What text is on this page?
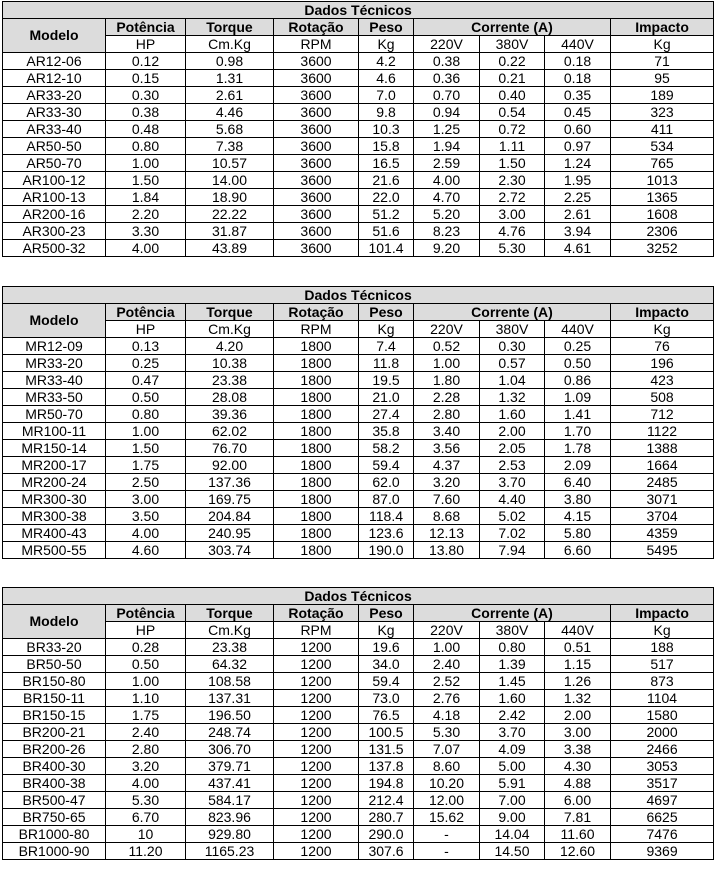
Dados Técnicos								
Modelo	Potência	Torque	Rotação	Peso	Corrente (A)			Impacto
	HP	Cm.Kg	RPM	Kg	220V	380V	440V	Kg
AR12-06	0.12	0.98	3600	4.2	0.38	0.22	0.18	71
AR12-10	0.15	1.31	3600	4.6	0.36	0.21	0.18	95
AR33-20	0.30	2.61	3600	7.0	0.70	0.40	0.35	189
AR33-30	0.38	4.46	3600	9.8	0.94	0.54	0.45	323
AR33-40	0.48	5.68	3600	10.3	1.25	0.72	0.60	411
AR50-50	0.80	7.38	3600	15.8	1.94	1.11	0.97	534
AR50-70	1.00	10.57	3600	16.5	2.59	1.50	1.24	765
AR100-12	1.50	14.00	3600	21.6	4.00	2.30	1.95	1013
AR100-13	1.84	18.90	3600	22.0	4.70	2.72	2.25	1365
AR200-16	2.20	22.22	3600	51.2	5.20	3.00	2.61	1608
AR300-23	3.30	31.87	3600	51.6	8.23	4.76	3.94	2306
AR500-32	4.00	43.89	3600	101.4	9.20	5.30	4.61	3252
Dados Técnicos								
Modelo	Potência	Torque	Rotação	Peso	Corrente (A)			Impacto
	HP	Cm.Kg	RPM	Kg	220V	380V	440V	Kg
MR12-09	0.13	4.20	1800	7.4	0.52	0.30	0.25	76
MR33-20	0.25	10.38	1800	11.8	1.00	0.57	0.50	196
MR33-40	0.47	23.38	1800	19.5	1.80	1.04	0.86	423
MR33-50	0.50	28.08	1800	21.0	2.28	1.32	1.09	508
MR50-70	0.80	39.36	1800	27.4	2.80	1.60	1.41	712
MR100-11	1.00	62.02	1800	35.8	3.40	2.00	1.70	1122
MR150-14	1.50	76.70	1800	58.2	3.56	2.05	1.78	1388
MR200-17	1.75	92.00	1800	59.4	4.37	2.53	2.09	1664
MR200-24	2.50	137.36	1800	62.0	3.20	3.70	6.40	2485
MR300-30	3.00	169.75	1800	87.0	7.60	4.40	3.80	3071
MR300-38	3.50	204.84	1800	118.4	8.68	5.02	4.15	3704
MR400-43	4.00	240.95	1800	123.6	12.13	7.02	5.80	4359
MR500-55	4.60	303.74	1800	190.0	13.80	7.94	6.60	5495
Dados Técnicos								
Modelo	Potência	Torque	Rotação	Peso	Corrente (A)			Impacto
	HP	Cm.Kg	RPM	Kg	220V	380V	440V	Kg
BR33-20	0.28	23.38	1200	19.6	1.00	0.80	0.51	188
BR50-50	0.50	64.32	1200	34.0	2.40	1.39	1.15	517
BR150-80	1.00	108.58	1200	59.4	2.52	1.45	1.26	873
BR150-11	1.10	137.31	1200	73.0	2.76	1.60	1.32	1104
BR150-15	1.75	196.50	1200	76.5	4.18	2.42	2.00	1580
BR200-21	2.40	248.74	1200	100.5	5.30	3.70	3.00	2000
BR200-26	2.80	306.70	1200	131.5	7.07	4.09	3.38	2466
BR400-30	3.20	379.71	1200	137.8	8.60	5.00	4.30	3053
BR400-38	4.00	437.41	1200	194.8	10.20	5.91	4.88	3517
BR500-47	5.30	584.17	1200	212.4	12.00	7.00	6.00	4697
BR750-65	6.70	823.96	1200	280.7	15.62	9.00	7.81	6625
BR1000-80	10	929.80	1200	290.0	-	14.04	11.60	7476
BR1000-90	11.20	1165.23	1200	307.6	-	14.50	12.60	9369
